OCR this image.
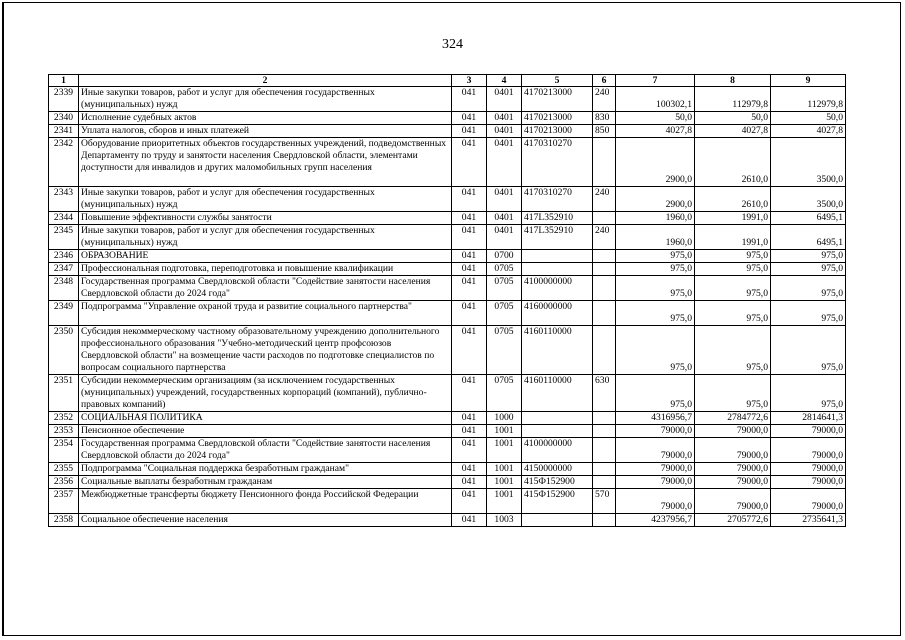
324
1	2	3	4	5	6	7	8	9
2339	Иные закупки товаров, работ и услуг для обеспечения государственных (муниципальных) нужд	041	0401	4170213000	240	100302,1	112979,8	112979,8
2340	Исполнение судебных актов	041	0401	4170213000	830	50,0	50,0	50,0
2341	Уплата налогов, сборов и иных платежей	041	0401	4170213000	850	4027,8	4027,8	4027,8
2342	Оборудование приоритетных объектов государственных учреждений, подведомственных Департаменту по труду и занятости населения Свердловской области, элементами доступности для инвалидов и других маломобильных групп населения	041	0401	4170310270		2900,0	2610,0	3500,0
2343	Иные закупки товаров, работ и услуг для обеспечения государственных (муниципальных) нужд	041	0401	4170310270	240	2900,0	2610,0	3500,0
2344	Повышение эффективности службы занятости	041	0401	417L352910		1960,0	1991,0	6495,1
2345	Иные закупки товаров, работ и услуг для обеспечения государственных (муниципальных) нужд	041	0401	417L352910	240	1960,0	1991,0	6495,1
2346	ОБРАЗОВАНИЕ	041	0700			975,0	975,0	975,0
2347	Профессиональная подготовка, переподготовка и повышение квалификации	041	0705			975,0	975,0	975,0
2348	Государственная программа Свердловской области "Содействие занятости населения Свердловской области до 2024 года"	041	0705	4100000000		975,0	975,0	975,0
2349	Подпрограмма "Управление охраной труда и развитие социального партнерства"	041	0705	4160000000		975,0	975,0	975,0
2350	Субсидия некоммерческому частному образовательному учреждению дополнительного профессионального образования "Учебно-методический центр профсоюзов Свердловской области" на возмещение части расходов по подготовке специалистов по вопросам социального партнерства	041	0705	4160110000		975,0	975,0	975,0
2351	Субсидии некоммерческим организациям (за исключением государственных (муниципальных) учреждений, государственных корпораций (компаний), публично-правовых компаний)	041	0705	4160110000	630	975,0	975,0	975,0
2352	СОЦИАЛЬНАЯ ПОЛИТИКА	041	1000			4316956,7	2784772,6	2814641,3
2353	Пенсионное обеспечение	041	1001			79000,0	79000,0	79000,0
2354	Государственная программа Свердловской области "Содействие занятости населения Свердловской области до 2024 года"	041	1001	4100000000		79000,0	79000,0	79000,0
2355	Подпрограмма "Социальная поддержка безработным гражданам"	041	1001	4150000000		79000,0	79000,0	79000,0
2356	Социальные выплаты безработным гражданам	041	1001	415Ф152900		79000,0	79000,0	79000,0
2357	Межбюджетные трансферты бюджету Пенсионного фонда Российской Федерации	041	1001	415Ф152900	570	79000,0	79000,0	79000,0
2358	Социальное обеспечение населения	041	1003			4237956,7	2705772,6	2735641,3
